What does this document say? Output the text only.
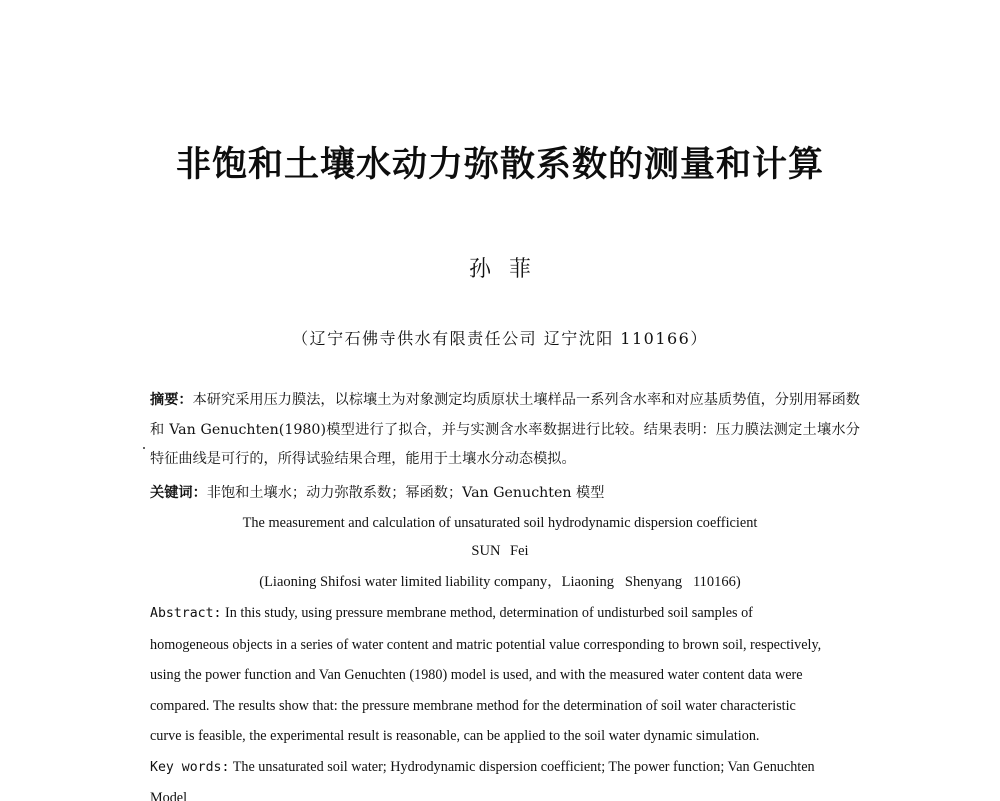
非饱和土壤水动力弥散系数的测量和计算
孙菲
（辽宁石佛寺供水有限责任公司 辽宁沈阳 110166）
摘要：本研究采用压力膜法，以棕壤土为对象测定均质原状土壤样品一系列含水率和对应基质势值，分别用幂函数和 Van Genuchten(1980)模型进行了拟合，并与实测含水率数据进行比较。结果表明：压力膜法测定土壤水分特征曲线是可行的，所得试验结果合理，能用于土壤水分动态模拟。
关键词：非饱和土壤水；动力弥散系数；幂函数；Van Genuchten 模型
The measurement and calculation of unsaturated soil hydrodynamic dispersion coefficient
SUN Fei
(Liaoning Shifosi water limited liability company，Liaoning   Shenyang   110166)
Abstract: In this study, using pressure membrane method, determination of undisturbed soil samples of
homogeneous objects in a series of water content and matric potential value corresponding to brown soil, respectively,
using the power function and Van Genuchten (1980) model is used, and with the measured water content data were
compared. The results show that: the pressure membrane method for the determination of soil water characteristic
curve is feasible, the experimental result is reasonable, can be applied to the soil water dynamic simulation.
Key words: The unsaturated soil water; Hydrodynamic dispersion coefficient; The power function; Van Genuchten
Model
